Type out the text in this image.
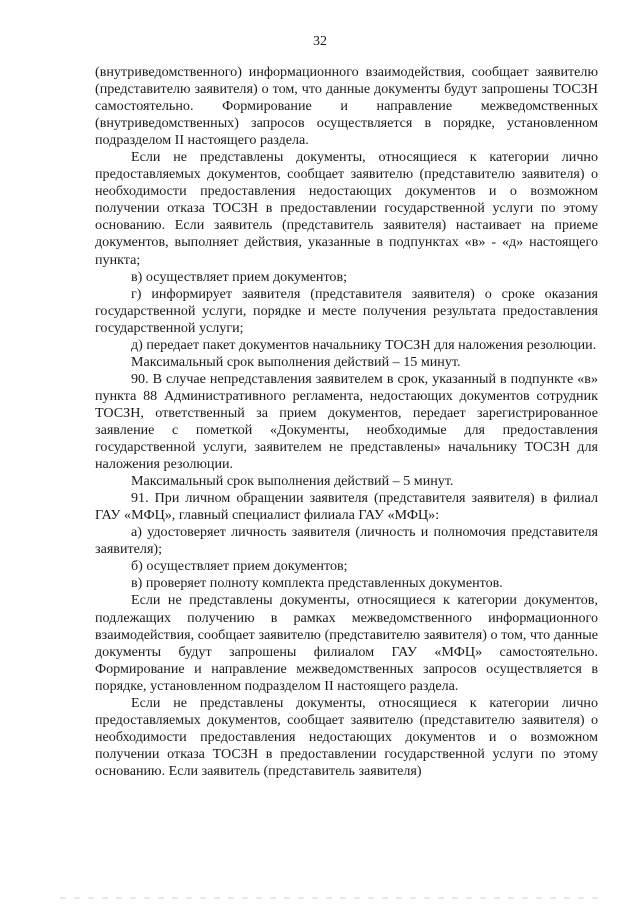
32

(внутриведомственного) информационного взаимодействия, сообщает заявителю (представителю заявителя) о том, что данные документы будут запрошены ТОСЗН самостоятельно. Формирование и направление межведомственных (внутриведомственных) запросов осуществляется в порядке, установленном подразделом II настоящего раздела.

Если не представлены документы, относящиеся к категории лично предоставляемых документов, сообщает заявителю (представителю заявителя) о необходимости предоставления недостающих документов и о возможном получении отказа ТОСЗН в предоставлении государственной услуги по этому основанию. Если заявитель (представитель заявителя) настаивает на приеме документов, выполняет действия, указанные в подпунктах «в» - «д» настоящего пункта;

в) осуществляет прием документов;

г) информирует заявителя (представителя заявителя) о сроке оказания государственной услуги, порядке и месте получения результата предоставления государственной услуги;

д) передает пакет документов начальнику ТОСЗН для наложения резолюции.

Максимальный срок выполнения действий – 15 минут.

90. В случае непредставления заявителем в срок, указанный в подпункте «в» пункта 88 Административного регламента, недостающих документов сотрудник ТОСЗН, ответственный за прием документов, передает зарегистрированное заявление с пометкой «Документы, необходимые для предоставления государственной услуги, заявителем не представлены» начальнику ТОСЗН для наложения резолюции.

Максимальный срок выполнения действий – 5 минут.

91. При личном обращении заявителя (представителя заявителя) в филиал ГАУ «МФЦ», главный специалист филиала ГАУ «МФЦ»:

а) удостоверяет личность заявителя (личность и полномочия представителя заявителя);

б) осуществляет прием документов;

в) проверяет полноту комплекта представленных документов.

Если не представлены документы, относящиеся к категории документов, подлежащих получению в рамках межведомственного информационного взаимодействия, сообщает заявителю (представителю заявителя) о том, что данные документы будут запрошены филиалом ГАУ «МФЦ» самостоятельно. Формирование и направление межведомственных запросов осуществляется в порядке, установленном подразделом II настоящего раздела.

Если не представлены документы, относящиеся к категории лично предоставляемых документов, сообщает заявителю (представителю заявителя) о необходимости предоставления недостающих документов и о возможном получении отказа ТОСЗН в предоставлении государственной услуги по этому основанию. Если заявитель (представитель заявителя)
